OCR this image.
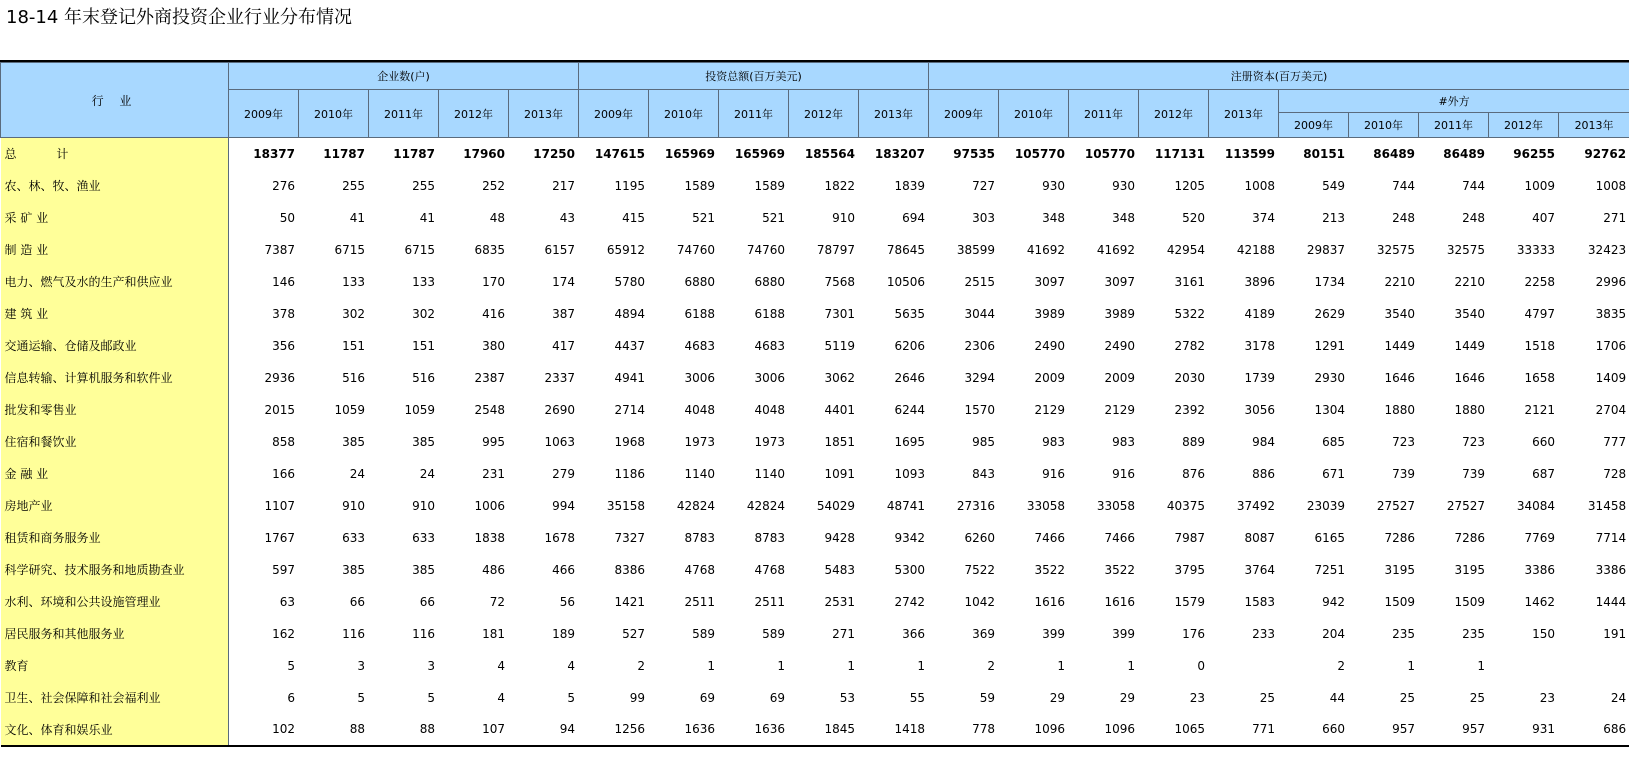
18-14 年末登记外商投资企业行业分布情况
行 业	企业数(户)					投资总额(百万美元)					注册资本(百万美元)									
	2009年	2010年	2011年	2012年	2013年	2009年	2010年	2011年	2012年	2013年	2009年	2010年	2011年	2012年	2013年	#外方				
																2009年	2010年	2011年	2012年	2013年
总 计	18377	11787	11787	17960	17250	147615	165969	165969	185564	183207	97535	105770	105770	117131	113599	80151	86489	86489	96255	92762
农、林、牧、渔业	276	255	255	252	217	1195	1589	1589	1822	1839	727	930	930	1205	1008	549	744	744	1009	1008
采 矿 业	50	41	41	48	43	415	521	521	910	694	303	348	348	520	374	213	248	248	407	271
制 造 业	7387	6715	6715	6835	6157	65912	74760	74760	78797	78645	38599	41692	41692	42954	42188	29837	32575	32575	33333	32423
电力、燃气及水的生产和供应业	146	133	133	170	174	5780	6880	6880	7568	10506	2515	3097	3097	3161	3896	1734	2210	2210	2258	2996
建 筑 业	378	302	302	416	387	4894	6188	6188	7301	5635	3044	3989	3989	5322	4189	2629	3540	3540	4797	3835
交通运输、仓储及邮政业	356	151	151	380	417	4437	4683	4683	5119	6206	2306	2490	2490	2782	3178	1291	1449	1449	1518	1706
信息转输、计算机服务和软件业	2936	516	516	2387	2337	4941	3006	3006	3062	2646	3294	2009	2009	2030	1739	2930	1646	1646	1658	1409
批发和零售业	2015	1059	1059	2548	2690	2714	4048	4048	4401	6244	1570	2129	2129	2392	3056	1304	1880	1880	2121	2704
住宿和餐饮业	858	385	385	995	1063	1968	1973	1973	1851	1695	985	983	983	889	984	685	723	723	660	777
金 融 业	166	24	24	231	279	1186	1140	1140	1091	1093	843	916	916	876	886	671	739	739	687	728
房地产业	1107	910	910	1006	994	35158	42824	42824	54029	48741	27316	33058	33058	40375	37492	23039	27527	27527	34084	31458
租赁和商务服务业	1767	633	633	1838	1678	7327	8783	8783	9428	9342	6260	7466	7466	7987	8087	6165	7286	7286	7769	7714
科学研究、技术服务和地质勘查业	597	385	385	486	466	8386	4768	4768	5483	5300	7522	3522	3522	3795	3764	7251	3195	3195	3386	3386
水利、环境和公共设施管理业	63	66	66	72	56	1421	2511	2511	2531	2742	1042	1616	1616	1579	1583	942	1509	1509	1462	1444
居民服务和其他服务业	162	116	116	181	189	527	589	589	271	366	369	399	399	176	233	204	235	235	150	191
教育	5	3	3	4	4	2	1	1	1	1	2	1	1	0		2	1	1		
卫生、社会保障和社会福利业	6	5	5	4	5	99	69	69	53	55	59	29	29	23	25	44	25	25	23	24
文化、体育和娱乐业	102	88	88	107	94	1256	1636	1636	1845	1418	778	1096	1096	1065	771	660	957	957	931	686
